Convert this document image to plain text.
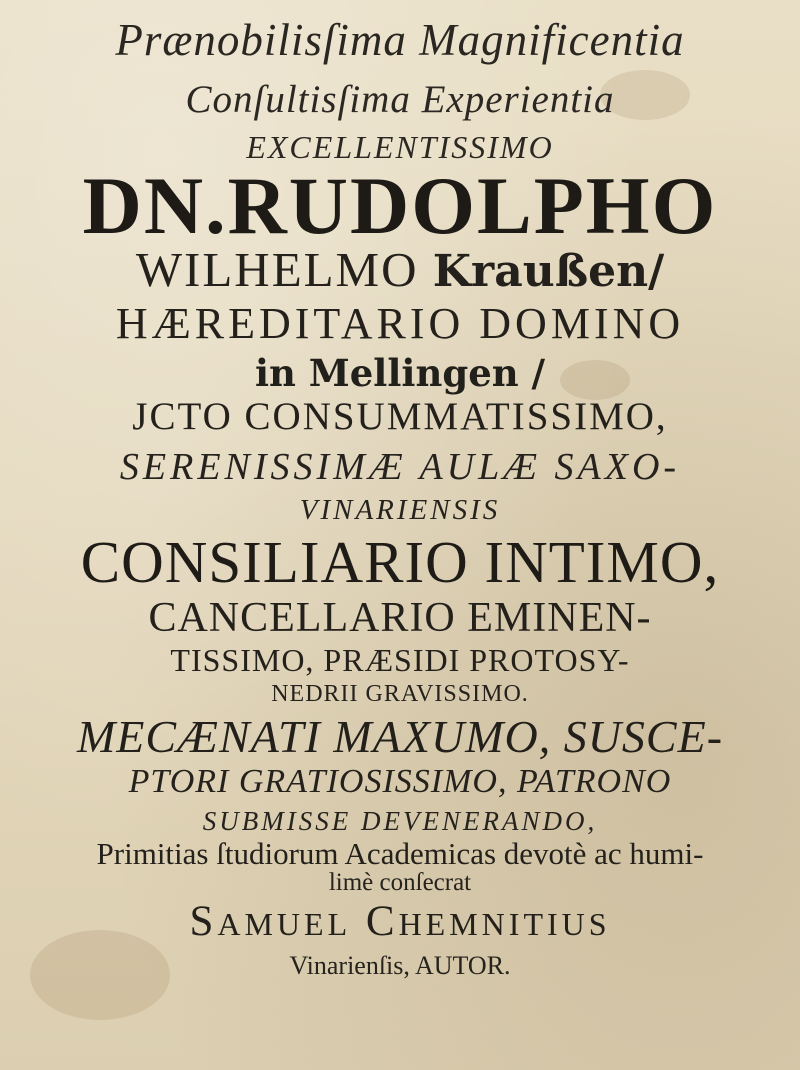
Prænobilisſima Magnificentia
Conſultisſima Experientia
EXCELLENTISSIMO
DN.RUDOLPHO
WILHELMO Kraußen/
HÆREDITARIO DOMINO
in Mellingen /
JCTO CONSUMMATISSIMO,
SERENISSIMÆ AULÆ SAXO-
VINARIENSIS
CONSILIARIO INTIMO,
CANCELLARIO EMINEN-
TISSIMO, PRÆSIDI PROTOSY-
NEDRII GRAVISSIMO.
MECÆNATI MAXUMO, SUSCE-
PTORI GRATIOSISSIMO, PATRONO
SUBMISSE DEVENERANDO,
Primitias ſtudiorum Academicas devotè ac humi-
limè conſecrat
SAMUEL CHEMNITIUS
Vinarienſis, AUTOR.
